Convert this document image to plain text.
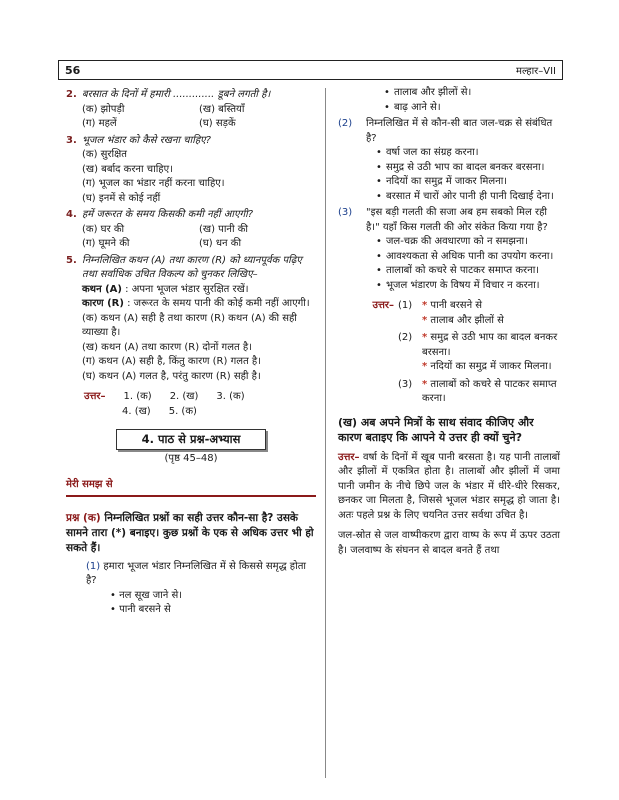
56	मल्हार–VII
2. बरसात के दिनों में हमारी ............. डूबने लगती है।
(क) झोपड़ी	(ख) बस्तियाँ
(ग) महलें	(घ) सड़कें
3. भूजल भंडार को कैसे रखना चाहिए?
(क) सुरक्षित
(ख) बर्बाद करना चाहिए।
(ग) भूजल का भंडार नहीं करना चाहिए।
(घ) इनमें से कोई नहीं
4. हमें जरूरत के समय किसकी कमी नहीं आएगी?
(क) घर की	(ख) पानी की
(ग) घूमने की	(घ) धन की
5. निम्नलिखित कथन (A) तथा कारण (R) को ध्यानपूर्वक पढ़िए तथा सर्वाधिक उचित विकल्प को चुनकर लिखिए–
कथन (A) : अपना भूजल भंडार सुरक्षित रखें।
कारण (R) : जरूरत के समय पानी की कोई कमी नहीं आएगी।
(क) कथन (A) सही है तथा कारण (R) कथन (A) की सही व्याख्या है।
(ख) कथन (A) तथा कारण (R) दोनों गलत है।
(ग) कथन (A) सही है, किंतु कारण (R) गलत है।
(घ) कथन (A) गलत है, परंतु कारण (R) सही है।
उत्तर– 1. (क) 2. (ख) 3. (क)
4. (ख) 5. (क)
4. पाठ से प्रश्न-अभ्यास
(पृष्ठ 45–48)
मेरी समझ से
प्रश्न (क) निम्नलिखित प्रश्नों का सही उत्तर कौन-सा है? उसके सामने तारा (*) बनाइए। कुछ प्रश्नों के एक से अधिक उत्तर भी हो सकते हैं।
(1) हमारा भूजल भंडार निम्नलिखित में से किससे समृद्ध होता है?
• नल सूख जाने से।
• पानी बरसने से
• तालाब और झीलों से।
• बाढ़ आने से।
(2)	निम्नलिखित में से कौन-सी बात जल-चक्र से संबंधित है?
• वर्षा जल का संग्रह करना।
• समुद्र से उठी भाप का बादल बनकर बरसना।
• नदियों का समुद्र में जाकर मिलना।
• बरसात में चारों ओर पानी ही पानी दिखाई देना।
(3)	"इस बड़ी गलती की सजा अब हम सबको मिल रही है।" यहाँ किस गलती की ओर संकेत किया गया है?
• जल-चक्र की अवधारणा को न समझना।
• आवश्यकता से अधिक पानी का उपयोग करना।
• तालाबों को कचरे से पाटकर समाप्त करना।
• भूजल भंडारण के विषय में विचार न करना।
उत्तर– (1) * पानी बरसने से
* तालाब और झीलों से
(2) * समुद्र से उठी भाप का बादल बनकर बरसना।
* नदियों का समुद्र में जाकर मिलना।
(3) * तालाबों को कचरे से पाटकर समाप्त करना।
(ख) अब अपने मित्रों के साथ संवाद कीजिए और कारण बताइए कि आपने ये उत्तर ही क्यों चुने?
उत्तर– वर्षा के दिनों में खूब पानी बरसता है। यह पानी तालाबों और झीलों में एकत्रित होता है। तालाबों और झीलों में जमा पानी जमीन के नीचे छिपे जल के भंडार में धीरे-धीरे रिसकर, छनकर जा मिलता है, जिससे भूजल भंडार समृद्ध हो जाता है। अतः पहले प्रश्न के लिए चयनित उत्तर सर्वथा उचित है।
जल-स्रोत से जल वाष्पीकरण द्वारा वाष्प के रूप में ऊपर उठता है। जलवाष्प के संघनन से बादल बनते हैं तथा
